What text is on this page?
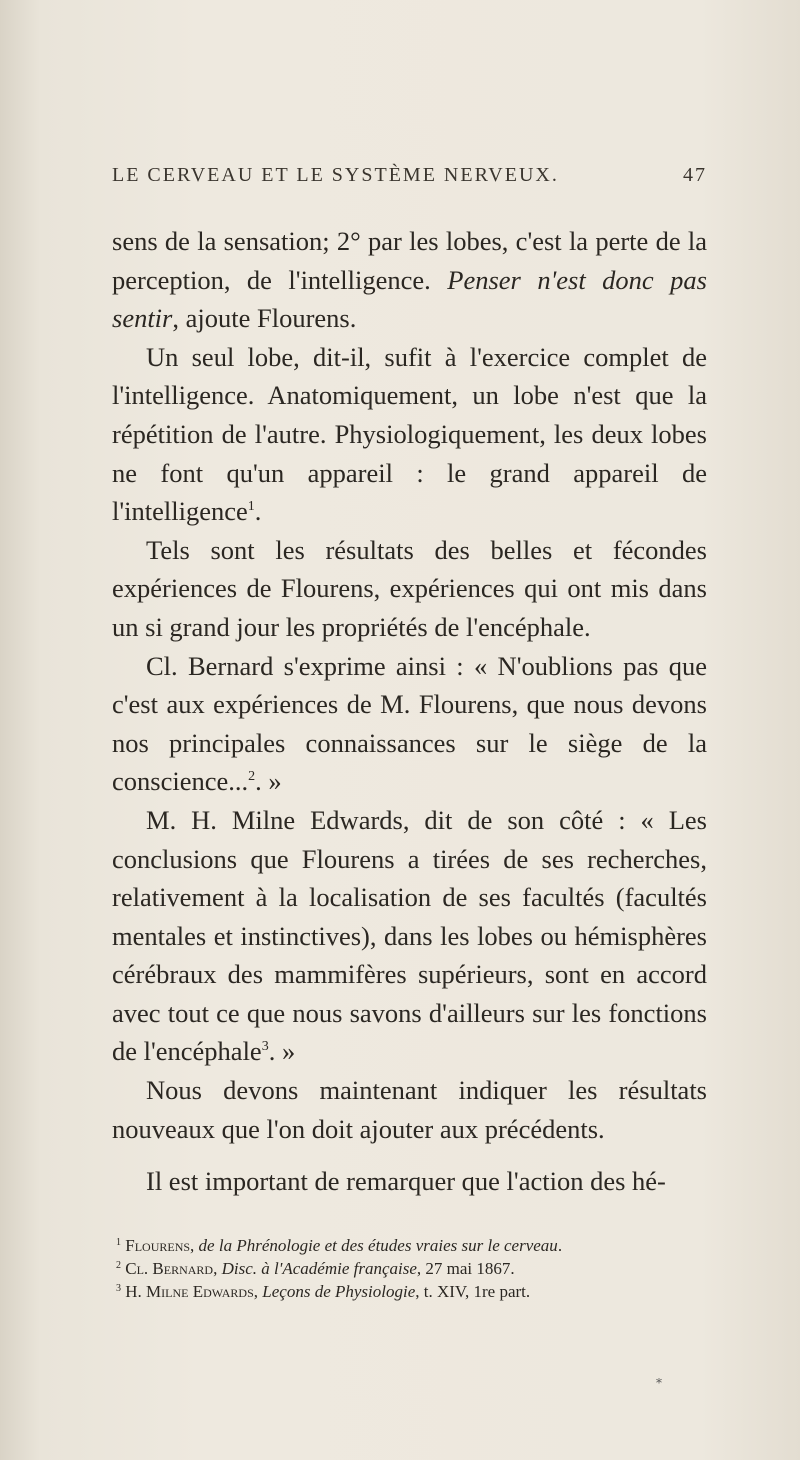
LE CERVEAU ET LE SYSTÈME NERVEUX.	47

sens de la sensation; 2° par les lobes, c'est la perte de la perception, de l'intelligence. Penser n'est donc pas sentir, ajoute Flourens.

Un seul lobe, dit-il, sufit à l'exercice complet de l'intelligence. Anatomiquement, un lobe n'est que la répétition de l'autre. Physiologiquement, les deux lobes ne font qu'un appareil : le grand appareil de l'intelligence$^1$.

Tels sont les résultats des belles et fécondes expériences de Flourens, expériences qui ont mis dans un si grand jour les propriétés de l'encéphale.

Cl. Bernard s'exprime ainsi : « N'oublions pas que c'est aux expériences de M. Flourens, que nous devons nos principales connaissances sur le siège de la conscience...$^2$. »

M. H. Milne Edwards, dit de son côté : « Les conclusions que Flourens a tirées de ses recherches, relativement à la localisation de ses facultés (facultés mentales et instinctives), dans les lobes ou hémisphères cérébraux des mammifères supérieurs, sont en accord avec tout ce que nous savons d'ailleurs sur les fonctions de l'encéphale$^3$. »

Nous devons maintenant indiquer les résultats nouveaux que l'on doit ajouter aux précédents.

Il est important de remarquer que l'action des hé-

$^1$ Flourens, de la Phrénologie et des études vraies sur le cerveau.
$^2$ Cl. Bernard, Disc. à l'Académie française, 27 mai 1867.
$^3$ H. Milne Edwards, Leçons de Physiologie, t. XIV, 1re part.
⁎
